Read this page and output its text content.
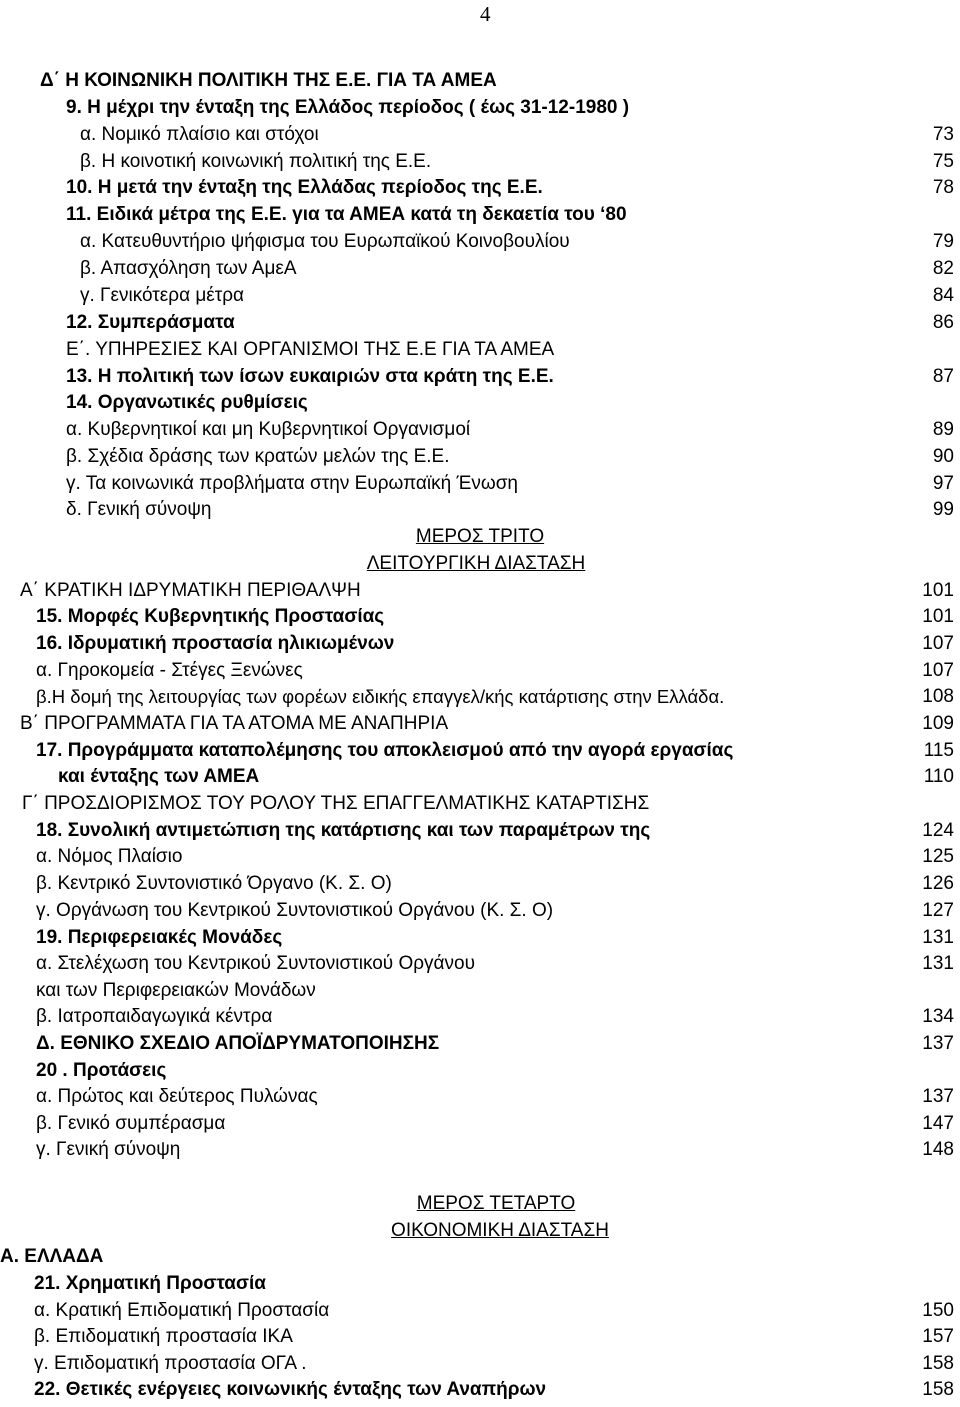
4
Δ΄ Η ΚΟΙΝΩΝΙΚΗ ΠΟΛΙΤΙΚΗ ΤΗΣ Ε.Ε. ΓΙΑ ΤΑ ΑΜΕΑ
9. Η μέχρι την ένταξη της Ελλάδος περίοδος ( έως 31-12-1980 )
α. Νομικό πλαίσιο και στόχοι	73
β. Η κοινοτική κοινωνική πολιτική της Ε.Ε.	75
10. Η μετά την ένταξη της Ελλάδας περίοδος της Ε.Ε.	78
11. Ειδικά μέτρα της Ε.Ε. για τα ΑΜΕΑ κατά τη δεκαετία του ‘80
α. Κατευθυντήριο ψήφισμα του Ευρωπαϊκού Κοινοβουλίου	79
β. Απασχόληση των ΑμεΑ	82
γ. Γενικότερα μέτρα	84
12. Συμπεράσματα	86
Ε΄. ΥΠΗΡΕΣΙΕΣ ΚΑΙ ΟΡΓΑΝΙΣΜΟΙ ΤΗΣ Ε.Ε ΓΙΑ ΤΑ ΑΜΕΑ
13. Η πολιτική των ίσων ευκαιριών στα κράτη της Ε.Ε.	87
14. Οργανωτικές ρυθμίσεις
α. Κυβερνητικοί και μη Κυβερνητικοί Οργανισμοί	89
β. Σχέδια δράσης των κρατών μελών της Ε.Ε.	90
γ. Τα κοινωνικά προβλήματα στην Ευρωπαϊκή Ένωση	97
δ. Γενική σύνοψη	99
ΜΕΡΟΣ ΤΡΙΤΟ
ΛΕΙΤΟΥΡΓΙΚΗ ΔΙΑΣΤΑΣΗ
Α΄ ΚΡΑΤΙΚΗ ΙΔΡΥΜΑΤΙΚΗ ΠΕΡΙΘΑΛΨΗ	101
15. Μορφές Κυβερνητικής Προστασίας	101
16. Ιδρυματική προστασία ηλικιωμένων	107
α. Γηροκομεία - Στέγες Ξενώνες	107
β.Η δομή της λειτουργίας των φορέων ειδικής επαγγελ/κής κατάρτισης στην Ελλάδα.	108
Β΄ ΠΡΟΓΡΑΜΜΑΤΑ ΓΙΑ ΤΑ ΑΤΟΜΑ ΜΕ ΑΝΑΠΗΡΙΑ	109
17. Προγράμματα καταπολέμησης του αποκλεισμού από την αγορά εργασίας	115
και ένταξης των ΑΜΕΑ	110
Γ΄ ΠΡΟΣΔΙΟΡΙΣΜΟΣ ΤΟΥ ΡΟΛΟΥ ΤΗΣ ΕΠΑΓΓΕΛΜΑΤΙΚΗΣ ΚΑΤΑΡΤΙΣΗΣ
18. Συνολική αντιμετώπιση της κατάρτισης και των παραμέτρων της	124
α. Νόμος Πλαίσιο	125
β. Κεντρικό Συντονιστικό Όργανο (Κ. Σ. Ο)	126
γ. Οργάνωση του Κεντρικού Συντονιστικού Οργάνου (Κ. Σ. Ο)	127
19. Περιφερειακές Μονάδες	131
α. Στελέχωση του Κεντρικού Συντονιστικού Οργάνου	131
και των Περιφερειακών Μονάδων
β. Ιατροπαιδαγωγικά κέντρα	134
Δ. ΕΘΝΙΚΟ ΣΧΕΔΙΟ ΑΠΟΪΔΡΥΜΑΤΟΠΟΙΗΣΗΣ	137
20 . Προτάσεις
α. Πρώτος και δεύτερος Πυλώνας	137
β. Γενικό συμπέρασμα	147
γ. Γενική σύνοψη	148
ΜΕΡΟΣ ΤΕΤΑΡΤΟ
ΟΙΚΟΝΟΜΙΚΗ ΔΙΑΣΤΑΣΗ
Α. ΕΛΛΑΔΑ
21. Χρηματική Προστασία
α. Κρατική Επιδοματική Προστασία	150
β. Επιδοματική προστασία ΙΚΑ	157
γ. Επιδοματική προστασία ΟΓΑ .	158
22. Θετικές ενέργειες κοινωνικής ένταξης των Αναπήρων	158
